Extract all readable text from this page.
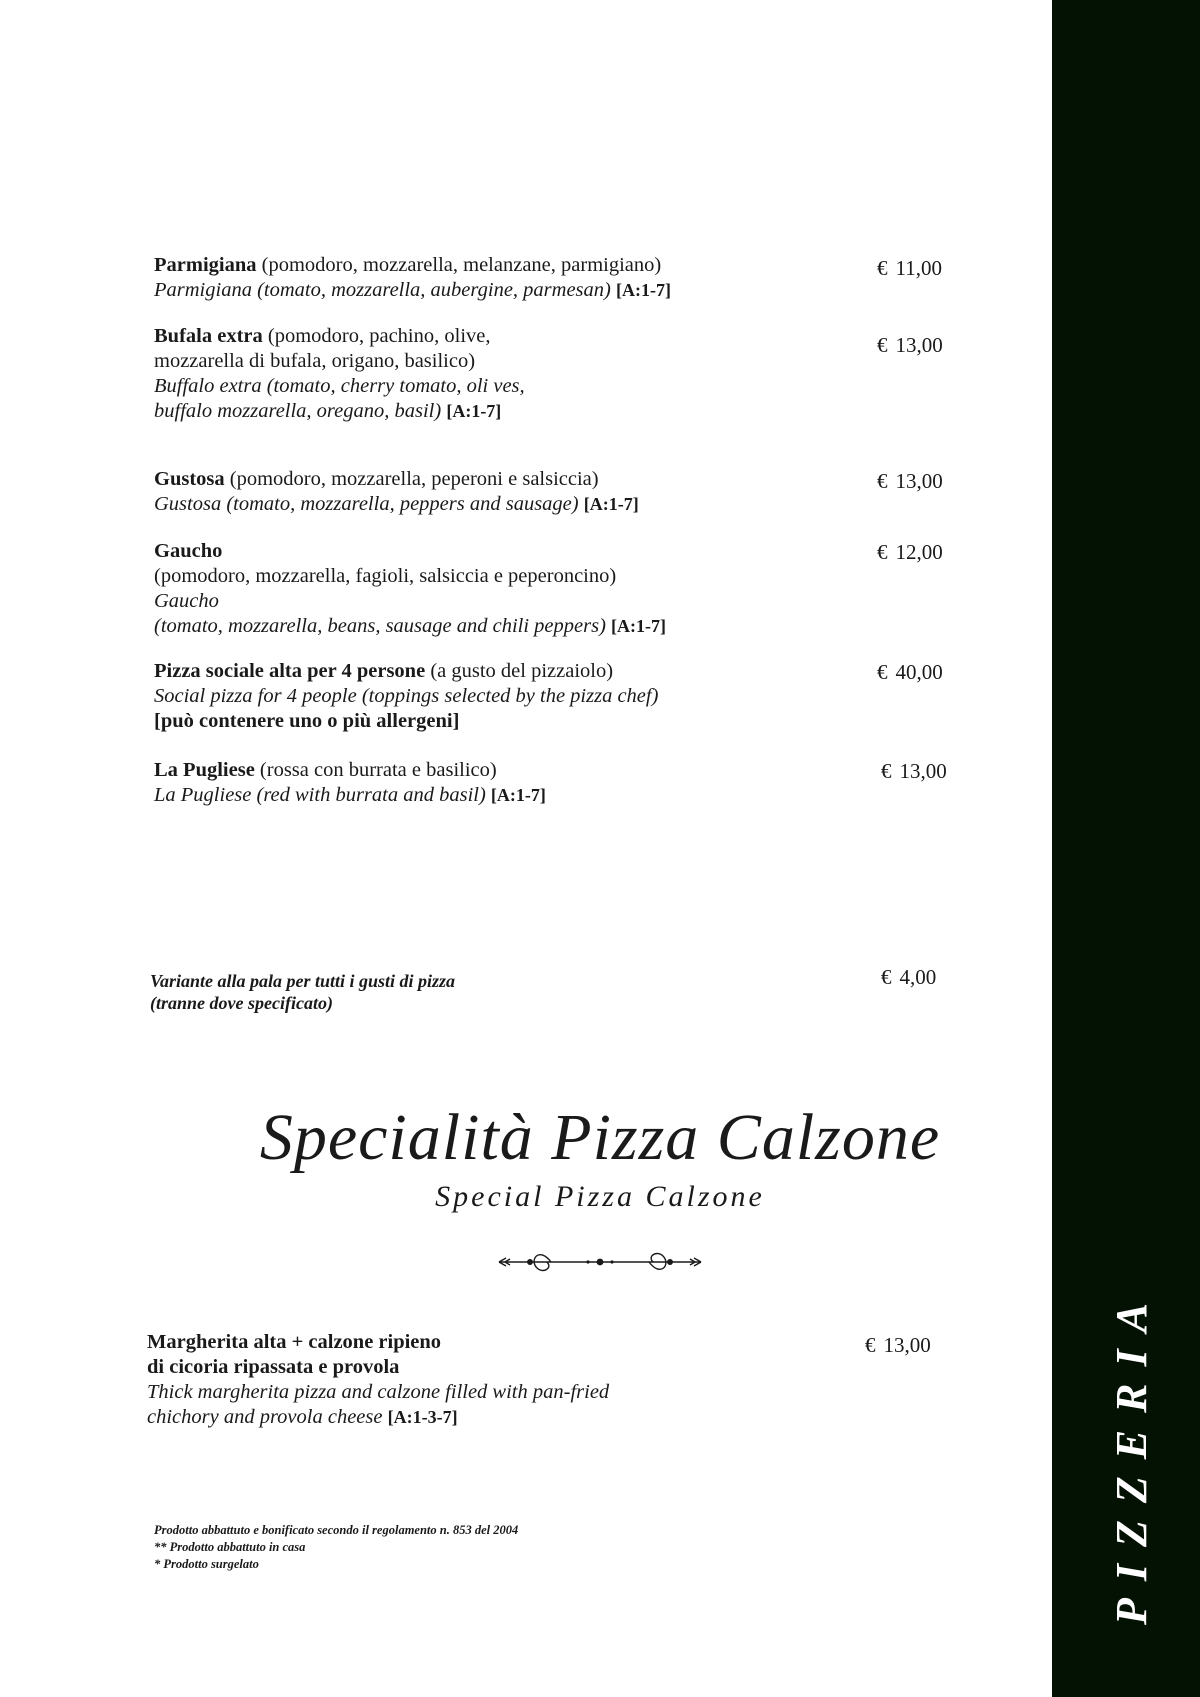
PIZZERIA
Parmigiana (pomodoro, mozzarella, melanzane, parmigiano)
Parmigiana (tomato, mozzarella, aubergine, parmesan) [A:1-7]
€ 11,00
Bufala extra (pomodoro, pachino, olive,
mozzarella di bufala, origano, basilico)
Buffalo extra (tomato, cherry tomato, oli ves,
buffalo mozzarella, oregano, basil) [A:1-7]
€ 13,00
Gustosa (pomodoro, mozzarella, peperoni e salsiccia)
Gustosa (tomato, mozzarella, peppers and sausage) [A:1-7]
€ 13,00
Gaucho
(pomodoro, mozzarella, fagioli, salsiccia e peperoncino)
Gaucho
(tomato, mozzarella, beans, sausage and chili peppers) [A:1-7]
€ 12,00
Pizza sociale alta per 4 persone (a gusto del pizzaiolo)
Social pizza for 4 people (toppings selected by the pizza chef)
[può contenere uno o più allergeni]
€ 40,00
La Pugliese (rossa con burrata e basilico)
La Pugliese (red with burrata and basil) [A:1-7]
€ 13,00
Variante alla pala per tutti i gusti di pizza
(tranne dove specificato)
€ 4,00
Specialità Pizza Calzone
Special Pizza Calzone
Margherita alta + calzone ripieno
di cicoria ripassata e provola
Thick margherita pizza and calzone filled with pan-fried
chichory and provola cheese [A:1-3-7]
€ 13,00
Prodotto abbattuto e bonificato secondo il regolamento n. 853 del 2004
** Prodotto abbattuto in casa
* Prodotto surgelato
